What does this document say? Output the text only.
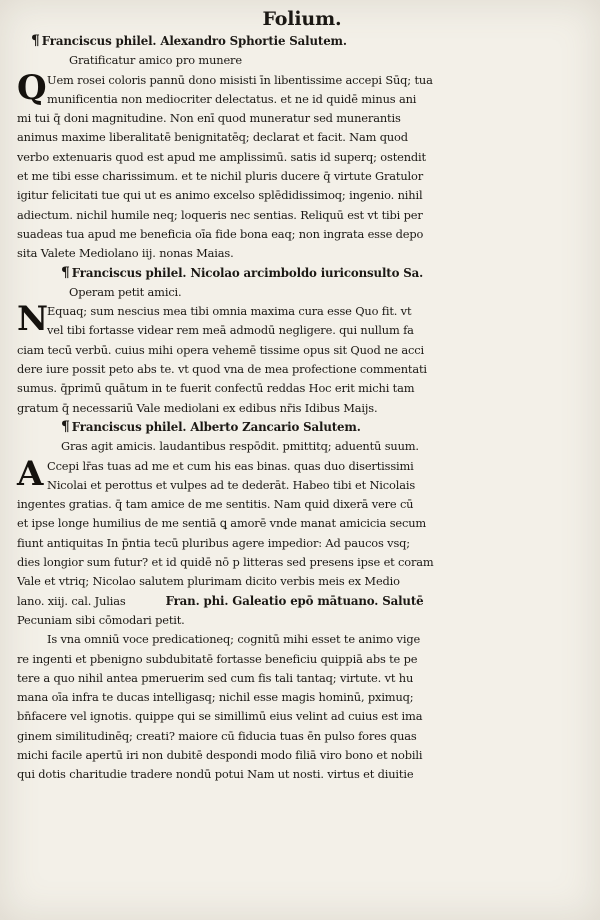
Folium.
¶ Franciscus philel. Alexandro Sphortie Salutem.
Gratificatur amico pro munere
Q Uem rosei coloris pannū dono misisti īn libentissime accepi Sūq; tua
munificentia non mediocriter delectatus. et ne id quidē minus ani
mi tui q̄ doni magnitudine. Non enī quod muneratur sed munerantis
animus maxime liberalitatē benignitatēq; declarat et facit. Nam quod
verbo extenuaris quod est apud me amplissimū. satis id superq; ostendit
et me tibi esse charissimum. et te nichil pluris ducere q̄ virtute Gratulor
igitur felicitati tue qui ut es animo excelso splēdidissimoq; ingenio. nihil
adiectum. nichil humile neq; loqueris nec sentias. Reliquū est vt tibi per
suadeas tua apud me beneficia oīa fide bona eaq; non ingrata esse depo
sita Valete Mediolano iij. nonas Maias.
¶ Franciscus philel. Nicolao arcimboldo iuriconsulto Sa.
Operam petit amici.
N Equaq; sum nescius mea tibi omnia maxima cura esse Quo fit. vt
vel tibi fortasse videar rem meā admodū negligere. qui nullum fa
ciam tecū verbū. cuius mihi opera vehemē tissime opus sit Quod ne acci
dere iure possit peto abs te. vt quod vna de mea profectione commentati
sumus. q̄primū quātum in te fuerit confectū reddas Hoc erit michi tam
gratum q̄ necessariū Vale mediolani ex edibus nr̄is Idibus Maijs.
¶ Franciscus philel. Alberto Zancario Salutem.
Gras agit amicis. laudantibus respōdit. pmittitq; aduentū suum.
A Ccepi lr̄as tuas ad me et cum his eas binas. quas duo disertissimi
Nicolai et perottus et vulpes ad te dederāt. Habeo tibi et Nicolais
ingentes gratias. q̄ tam amice de me sentitis. Nam quid dixerā vere cū
et ipse longe humilius de me sentiā ꝗ amorē vnde manat amicicia secum
fiunt antiquitas In p̄ntia tecū pluribus agere impedior: Ad paucos vsq;
dies longior sum futur? et id quidē nō p litteras sed presens ipse et coram
Vale et vtriq; Nicolao salutem plurimam dicito verbis meis ex Medio
lano. xiij. cal. Julias	Fran. phi. Galeatio epō mātuano. Salutē
Pecuniam sibi cōmodari petit.
Is vna omniū voce predicationeq; cognitū mihi esset te animo vige
re ingenti et pbenigno subdubitatē fortasse beneficiu quippiā abs te pe
tere a quo nihil antea pmeruerim sed cum fis tali tantaq; virtute. vt hu
mana oīa infra te ducas intelligasq; nichil esse magis hominū, pximuq;
bn̄facere vel ignotis. quippe qui se simillimū eius velint ad cuius est ima
ginem similitudinēq; creati? maiore cū fiducia tuas ēn pulso fores quas
michi facile apertū iri non dubitē despondi modo filiā viro bono et nobili
qui dotis charitudie tradere nondū potui Nam ut nosti. virtus et diuitie
